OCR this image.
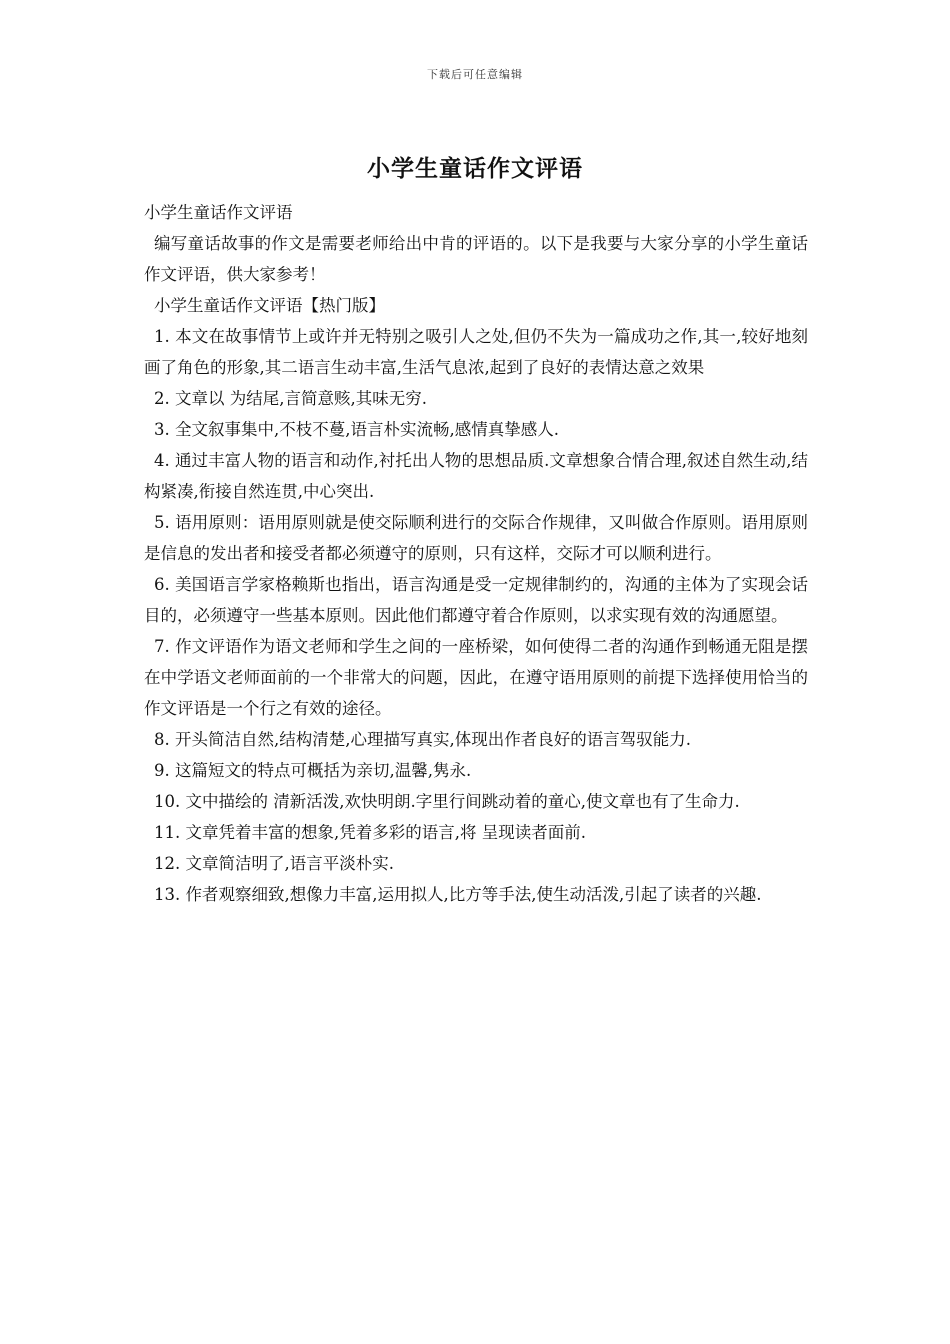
下载后可任意编辑
小学生童话作文评语

小学生童话作文评语

编写童话故事的作文是需要老师给出中肯的评语的。以下是我要与大家分享的小学生童话作文评语，供大家参考！

小学生童话作文评语【热门版】

1. 本文在故事情节上或许并无特别之吸引人之处,但仍不失为一篇成功之作,其一,较好地刻画了角色的形象,其二语言生动丰富,生活气息浓,起到了良好的表情达意之效果

2. 文章以 为结尾,言简意赅,其味无穷.

3. 全文叙事集中,不枝不蔓,语言朴实流畅,感情真挚感人.

4. 通过丰富人物的语言和动作,衬托出人物的思想品质.文章想象合情合理,叙述自然生动,结构紧凑,衔接自然连贯,中心突出.

5. 语用原则：语用原则就是使交际顺利进行的交际合作规律，又叫做合作原则。语用原则是信息的发出者和接受者都必须遵守的原则，只有这样，交际才可以顺利进行。

6. 美国语言学家格赖斯也指出，语言沟通是受一定规律制约的，沟通的主体为了实现会话目的，必须遵守一些基本原则。因此他们都遵守着合作原则，以求实现有效的沟通愿望。

7. 作文评语作为语文老师和学生之间的一座桥梁，如何使得二者的沟通作到畅通无阻是摆在中学语文老师面前的一个非常大的问题，因此，在遵守语用原则的前提下选择使用恰当的作文评语是一个行之有效的途径。

8. 开头简洁自然,结构清楚,心理描写真实,体现出作者良好的语言驾驭能力.

9. 这篇短文的特点可概括为亲切,温馨,隽永.

10. 文中描绘的 清新活泼,欢快明朗.字里行间跳动着的童心,使文章也有了生命力.

11. 文章凭着丰富的想象,凭着多彩的语言,将 呈现读者面前.

12. 文章简洁明了,语言平淡朴实.

13. 作者观察细致,想像力丰富,运用拟人,比方等手法,使生动活泼,引起了读者的兴趣.
